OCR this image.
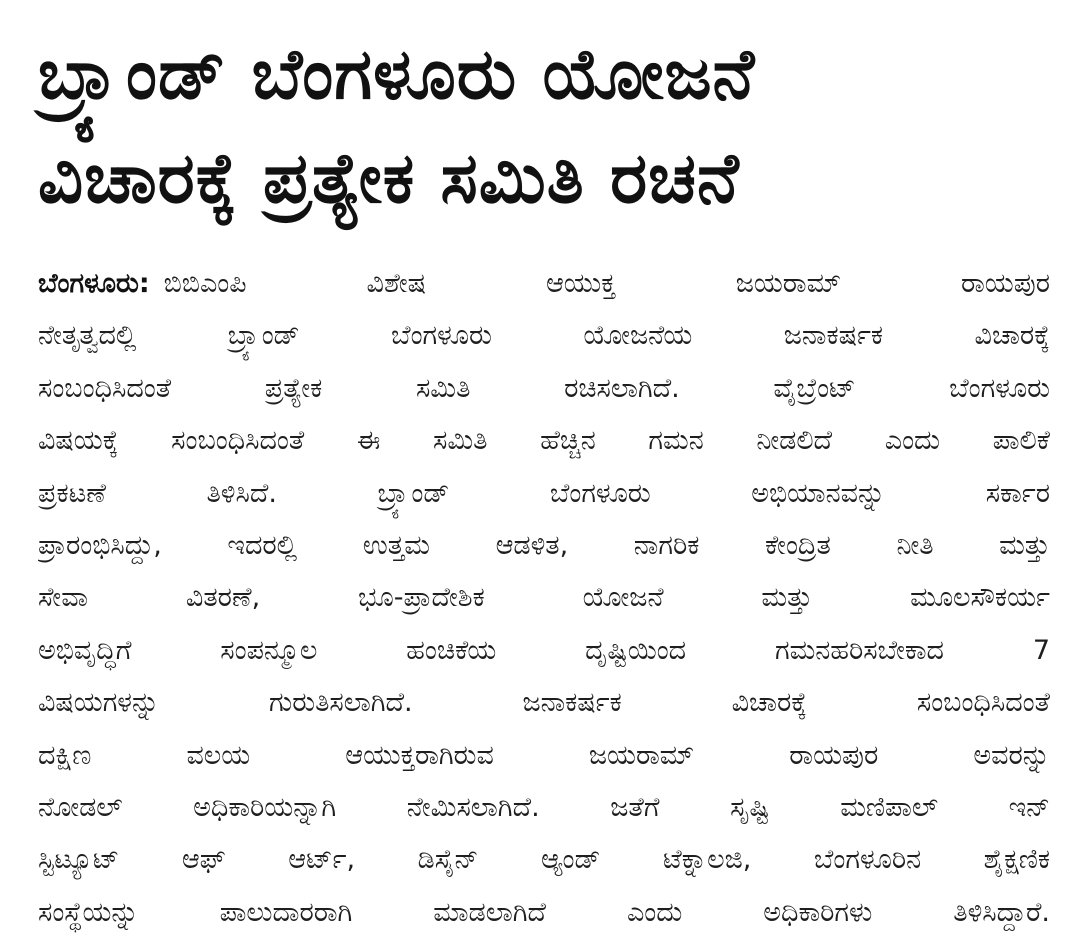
ಬ್ರ್ಯಾಂಡ್ ಬೆಂಗಳೂರು ಯೋಜನೆ
ವಿಚಾರಕ್ಕೆ ಪ್ರತ್ಯೇಕ ಸಮಿತಿ ರಚನೆ
ಬೆಂಗಳೂರು: ಬಿಬಿಎಂಪಿ ವಿಶೇಷ ಆಯುಕ್ತ ಜಯರಾಮ್ ರಾಯಪುರ
ನೇತೃತ್ವದಲ್ಲಿ ಬ್ರ್ಯಾಂಡ್ ಬೆಂಗಳೂರು ಯೋಜನೆಯ ಜನಾಕರ್ಷಕ ವಿಚಾರಕ್ಕೆ
ಸಂಬಂಧಿಸಿದಂತೆ ಪ್ರತ್ಯೇಕ ಸಮಿತಿ ರಚಿಸಲಾಗಿದೆ. ವೈಬ್ರೆಂಟ್ ಬೆಂಗಳೂರು
ವಿಷಯಕ್ಕೆ ಸಂಬಂಧಿಸಿದಂತೆ ಈ ಸಮಿತಿ ಹೆಚ್ಚಿನ ಗಮನ ನೀಡಲಿದೆ ಎಂದು ಪಾಲಿಕೆ
ಪ್ರಕಟಣೆ ತಿಳಿಸಿದೆ. ಬ್ರ್ಯಾಂಡ್ ಬೆಂಗಳೂರು ಅಭಿಯಾನವನ್ನು ಸರ್ಕಾರ
ಪ್ರಾರಂಭಿಸಿದ್ದು, ಇದರಲ್ಲಿ ಉತ್ತಮ ಆಡಳಿತ, ನಾಗರಿಕ ಕೇಂದ್ರಿತ ನೀತಿ ಮತ್ತು
ಸೇವಾ ವಿತರಣೆ, ಭೂ-ಪ್ರಾದೇಶಿಕ ಯೋಜನೆ ಮತ್ತು ಮೂಲಸೌಕರ್ಯ
ಅಭಿವೃದ್ಧಿಗೆ ಸಂಪನ್ಮೂಲ ಹಂಚಿಕೆಯ ದೃಷ್ಟಿಯಿಂದ ಗಮನಹರಿಸಬೇಕಾದ 7
ವಿಷಯಗಳನ್ನು ಗುರುತಿಸಲಾಗಿದೆ. ಜನಾಕರ್ಷಕ ವಿಚಾರಕ್ಕೆ ಸಂಬಂಧಿಸಿದಂತೆ
ದಕ್ಷಿಣ ವಲಯ ಆಯುಕ್ತರಾಗಿರುವ ಜಯರಾಮ್ ರಾಯಪುರ ಅವರನ್ನು
ನೋಡಲ್ ಅಧಿಕಾರಿಯನ್ನಾಗಿ ನೇಮಿಸಲಾಗಿದೆ. ಜತೆಗೆ ಸೃಷ್ಟಿ ಮಣಿಪಾಲ್ ಇನ್
ಸ್ಟಿಟ್ಯೂಟ್ ಆಫ್ ಆರ್ಟ್, ಡಿಸೈನ್ ಆ್ಯಂಡ್ ಟೆಕ್ನಾಲಜಿ, ಬೆಂಗಳೂರಿನ ಶೈಕ್ಷಣಿಕ
ಸಂಸ್ಥೆಯನ್ನು ಪಾಲುದಾರರಾಗಿ ಮಾಡಲಾಗಿದೆ ಎಂದು ಅಧಿಕಾರಿಗಳು ತಿಳಿಸಿದ್ದಾರೆ.
